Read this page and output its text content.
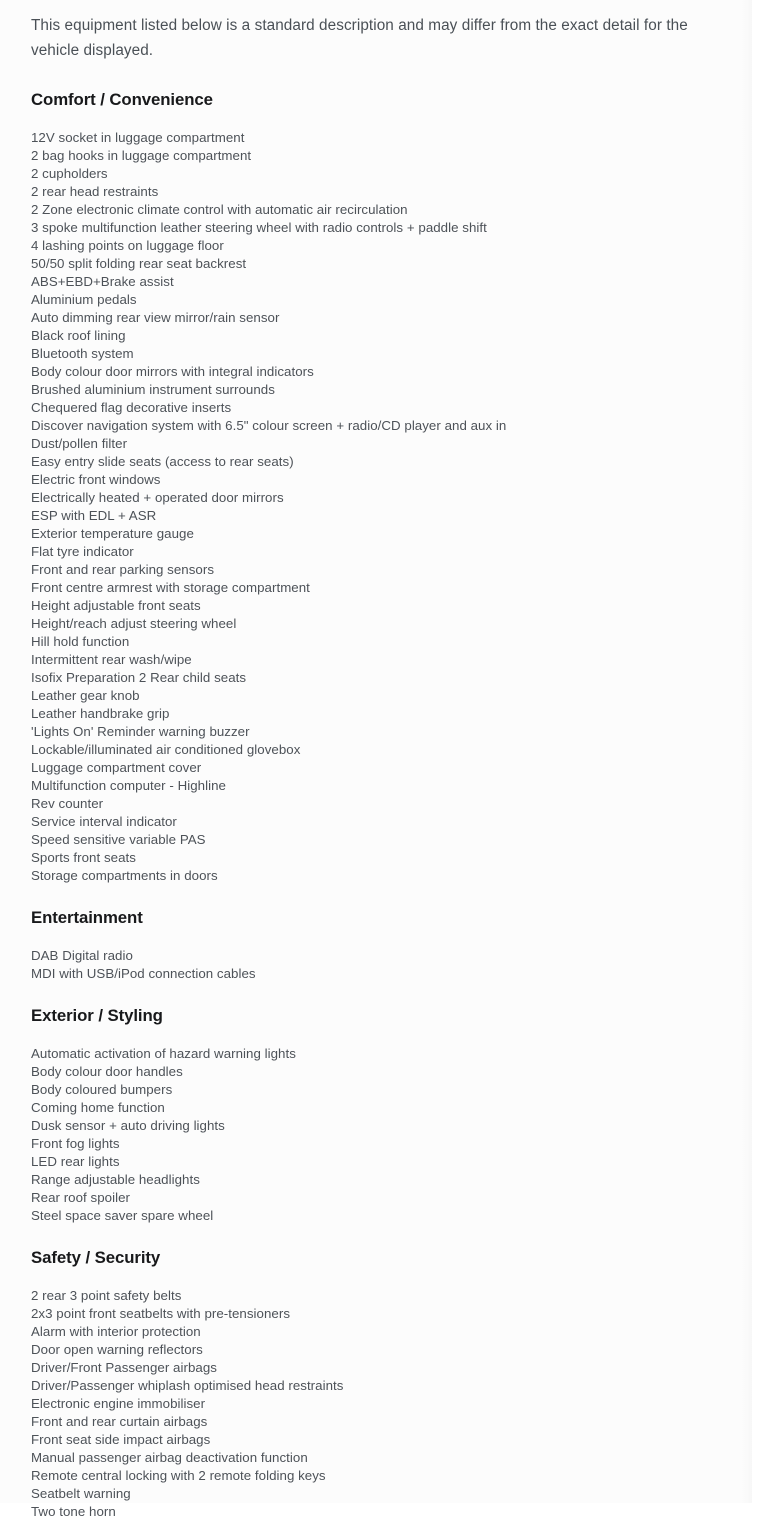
This equipment listed below is a standard description and may differ from the exact detail for the vehicle displayed.

Comfort / Convenience
12V socket in luggage compartment
2 bag hooks in luggage compartment
2 cupholders
2 rear head restraints
2 Zone electronic climate control with automatic air recirculation
3 spoke multifunction leather steering wheel with radio controls + paddle shift
4 lashing points on luggage floor
50/50 split folding rear seat backrest
ABS+EBD+Brake assist
Aluminium pedals
Auto dimming rear view mirror/rain sensor
Black roof lining
Bluetooth system
Body colour door mirrors with integral indicators
Brushed aluminium instrument surrounds
Chequered flag decorative inserts
Discover navigation system with 6.5" colour screen + radio/CD player and aux in
Dust/pollen filter
Easy entry slide seats (access to rear seats)
Electric front windows
Electrically heated + operated door mirrors
ESP with EDL + ASR
Exterior temperature gauge
Flat tyre indicator
Front and rear parking sensors
Front centre armrest with storage compartment
Height adjustable front seats
Height/reach adjust steering wheel
Hill hold function
Intermittent rear wash/wipe
Isofix Preparation 2 Rear child seats
Leather gear knob
Leather handbrake grip
'Lights On' Reminder warning buzzer
Lockable/illuminated air conditioned glovebox
Luggage compartment cover
Multifunction computer - Highline
Rev counter
Service interval indicator
Speed sensitive variable PAS
Sports front seats
Storage compartments in doors
Entertainment
DAB Digital radio
MDI with USB/iPod connection cables
Exterior / Styling
Automatic activation of hazard warning lights
Body colour door handles
Body coloured bumpers
Coming home function
Dusk sensor + auto driving lights
Front fog lights
LED rear lights
Range adjustable headlights
Rear roof spoiler
Steel space saver spare wheel
Safety / Security
2 rear 3 point safety belts
2x3 point front seatbelts with pre-tensioners
Alarm with interior protection
Door open warning reflectors
Driver/Front Passenger airbags
Driver/Passenger whiplash optimised head restraints
Electronic engine immobiliser
Front and rear curtain airbags
Front seat side impact airbags
Manual passenger airbag deactivation function
Remote central locking with 2 remote folding keys
Seatbelt warning
Two tone horn
